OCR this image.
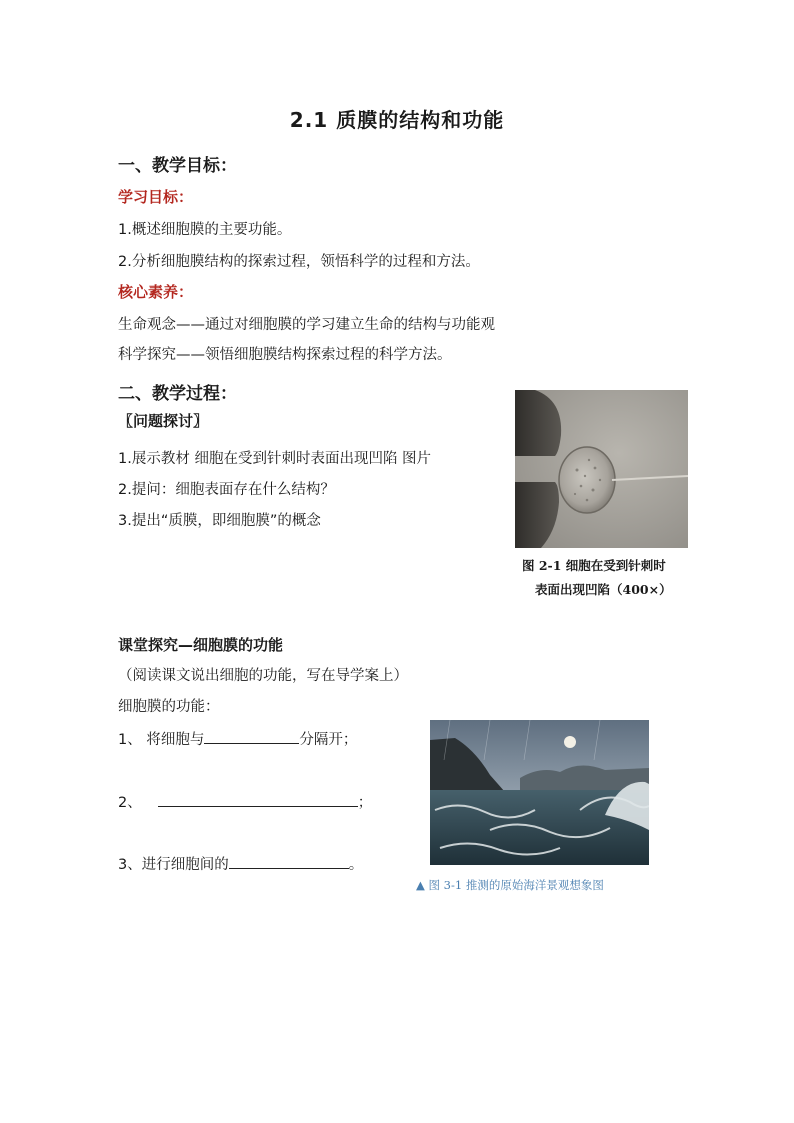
2.1 质膜的结构和功能
一、教学目标：
学习目标：
1.概述细胞膜的主要功能。
2.分析细胞膜结构的探索过程，领悟科学的过程和方法。
核心素养：
生命观念——通过对细胞膜的学习建立生命的结构与功能观
科学探究——领悟细胞膜结构探索过程的科学方法。
二、教学过程：
〖问题探讨〗
1.展示教材 细胞在受到针刺时表面出现凹陷 图片
2.提问：细胞表面存在什么结构？
3.提出“质膜，即细胞膜”的概念
图 2-1 细胞在受到针刺时
表面出现凹陷（400×）
课堂探究—细胞膜的功能
（阅读课文说出细胞的功能，写在导学案上）
细胞膜的功能：
1、 将细胞与	分隔开；
2、	；
3、进行细胞间的	。
▲ 图 3-1 推测的原始海洋景观想象图
